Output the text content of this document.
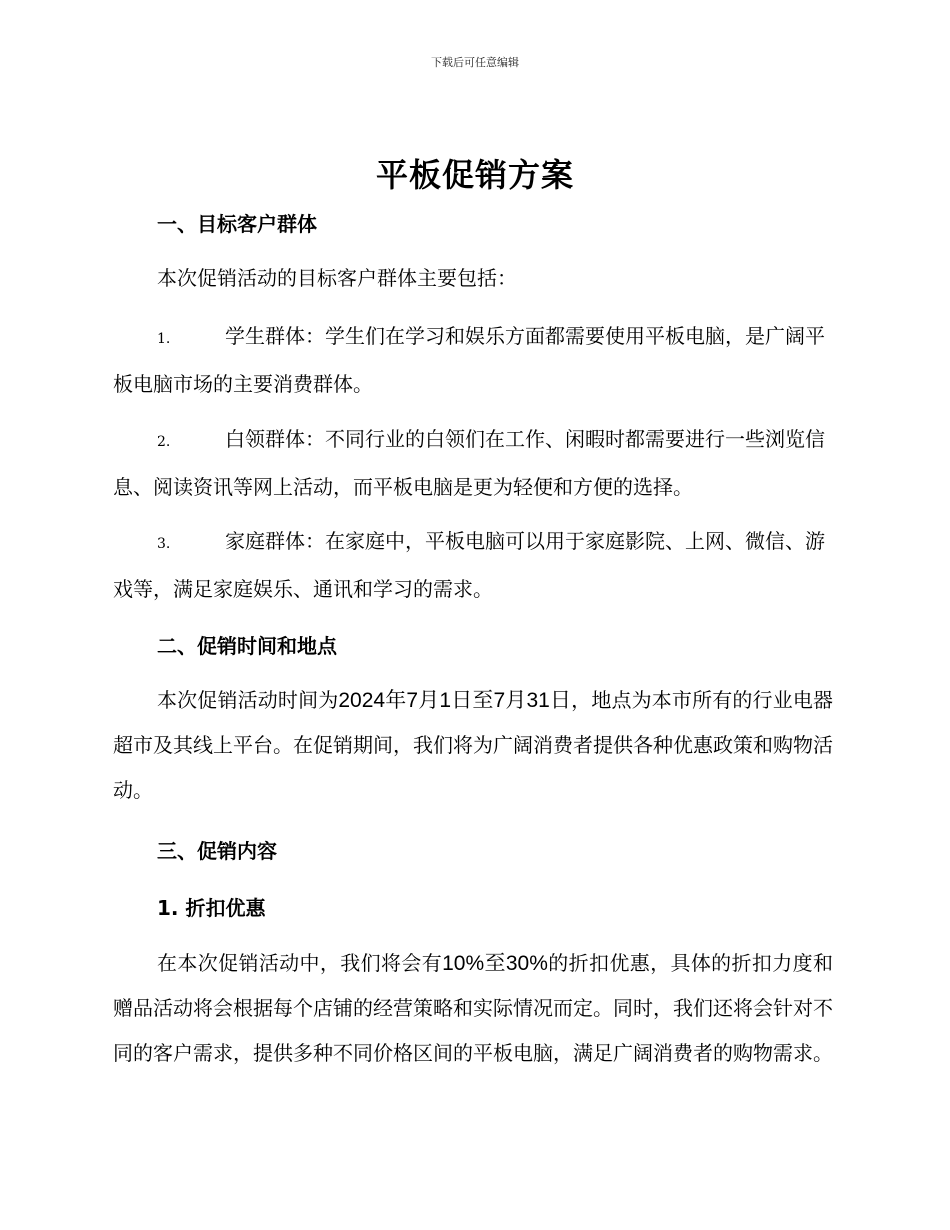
下载后可任意编辑
平板促销方案
一、目标客户群体

本次促销活动的目标客户群体主要包括：

1.	学生群体：学生们在学习和娱乐方面都需要使用平板电脑，是广阔平板电脑市场的主要消费群体。

2.	白领群体：不同行业的白领们在工作、闲暇时都需要进行一些浏览信息、阅读资讯等网上活动，而平板电脑是更为轻便和方便的选择。

3.	家庭群体：在家庭中，平板电脑可以用于家庭影院、上网、微信、游戏等，满足家庭娱乐、通讯和学习的需求。

二、促销时间和地点

本次促销活动时间为2024年7月1日至7月31日，地点为本市所有的行业电器超市及其线上平台。在促销期间，我们将为广阔消费者提供各种优惠政策和购物活动。

三、促销内容
1. 折扣优惠

在本次促销活动中，我们将会有10%至30%的折扣优惠，具体的折扣力度和赠品活动将会根据每个店铺的经营策略和实际情况而定。同时，我们还将会针对不同的客户需求，提供多种不同价格区间的平板电脑，满足广阔消费者的购物需求。
